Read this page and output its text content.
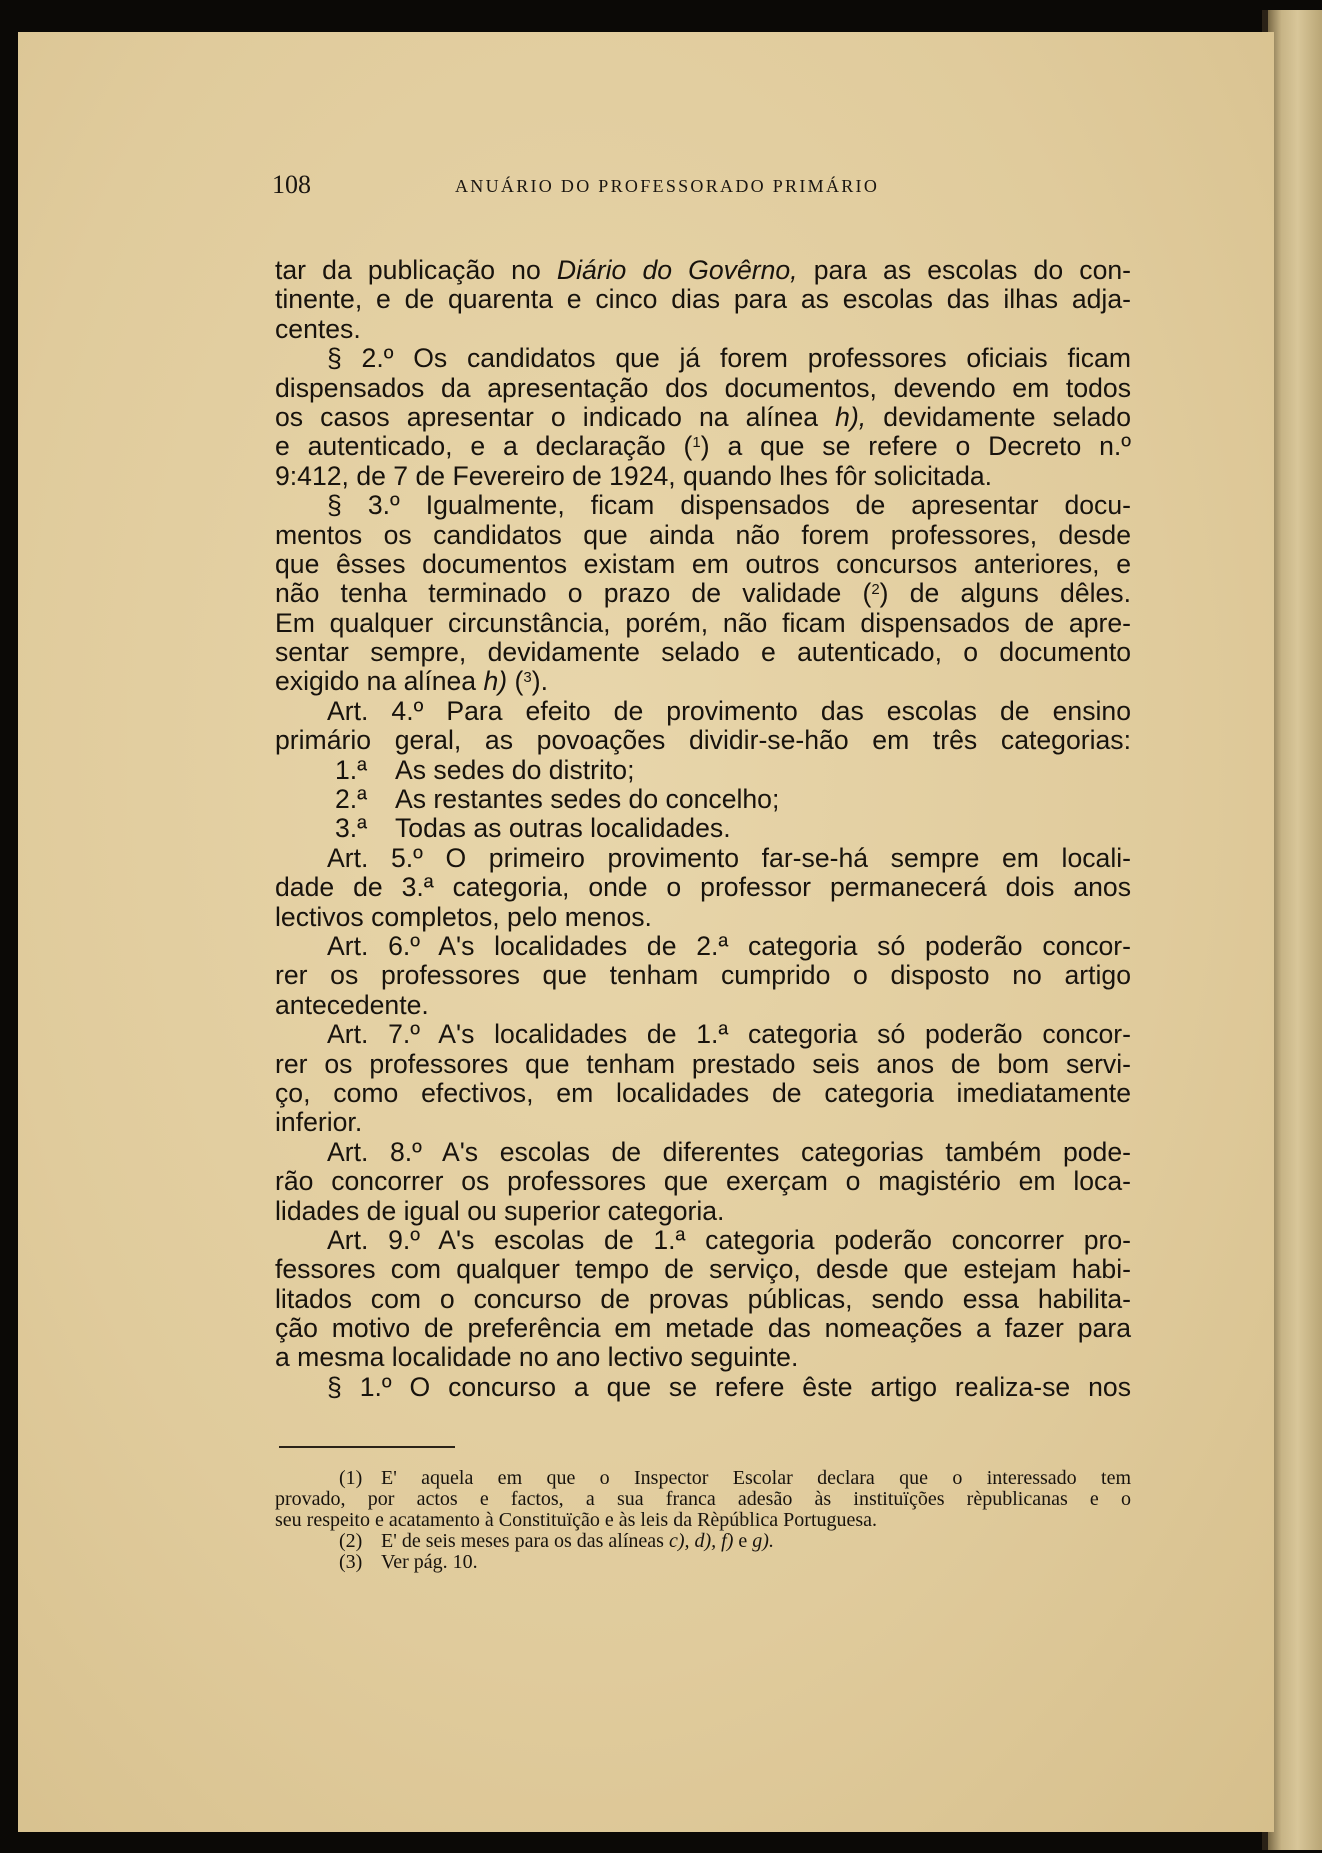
108	ANUÁRIO DO PROFESSORADO PRIMÁRIO
tar da publicação no Diário do Govêrno, para as escolas do con-
tinente, e de quarenta e cinco dias para as escolas das ilhas adja-
centes.
§ 2.º Os candidatos que já forem professores oficiais ficam
dispensados da apresentação dos documentos, devendo em todos
os casos apresentar o indicado na alínea h), devidamente selado
e autenticado, e a declaração ($^1$) a que se refere o Decreto n.º
9:412, de 7 de Fevereiro de 1924, quando lhes fôr solicitada.
§ 3.º Igualmente, ficam dispensados de apresentar docu-
mentos os candidatos que ainda não forem professores, desde
que êsses documentos existam em outros concursos anteriores, e
não tenha terminado o prazo de validade ($^2$) de alguns dêles.
Em qualquer circunstância, porém, não ficam dispensados de apre-
sentar sempre, devidamente selado e autenticado, o documento
exigido na alínea h) ($^3$).
Art. 4.º Para efeito de provimento das escolas de ensino
primário geral, as povoações dividir-se-hão em três categorias:
1.ª As sedes do distrito;
2.ª As restantes sedes do concelho;
3.ª Todas as outras localidades.
Art. 5.º O primeiro provimento far-se-há sempre em locali-
dade de 3.ª categoria, onde o professor permanecerá dois anos
lectivos completos, pelo menos.
Art. 6.º A's localidades de 2.ª categoria só poderão concor-
rer os professores que tenham cumprido o disposto no artigo
antecedente.
Art. 7.º A's localidades de 1.ª categoria só poderão concor-
rer os professores que tenham prestado seis anos de bom servi-
ço, como efectivos, em localidades de categoria imediatamente
inferior.
Art. 8.º A's escolas de diferentes categorias também pode-
rão concorrer os professores que exerçam o magistério em loca-
lidades de igual ou superior categoria.
Art. 9.º A's escolas de 1.ª categoria poderão concorrer pro-
fessores com qualquer tempo de serviço, desde que estejam habi-
litados com o concurso de provas públicas, sendo essa habilita-
ção motivo de preferência em metade das nomeações a fazer para
a mesma localidade no ano lectivo seguinte.
§ 1.º O concurso a que se refere êste artigo realiza-se nos
(1) E' aquela em que o Inspector Escolar declara que o interessado tem
provado, por actos e factos, a sua franca adesão às instituïções rèpublicanas e o
seu respeito e acatamento à Constituïção e às leis da Rèpública Portuguesa.
(2) E' de seis meses para os das alíneas c), d), f) e g).
(3) Ver pág. 10.
